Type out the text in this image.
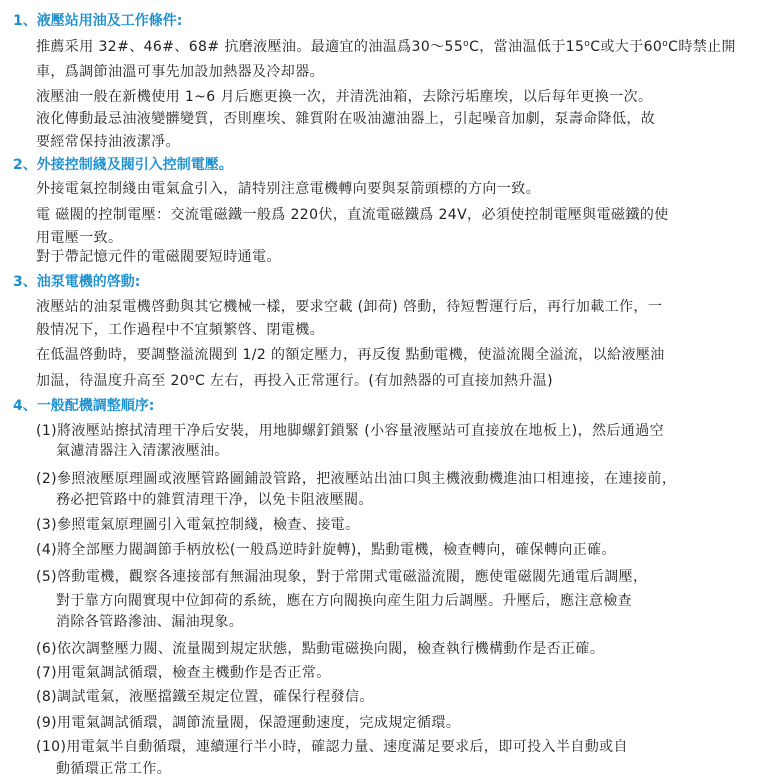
1、液壓站用油及工作條件:
推薦采用 32#、46#、68# 抗磨液壓油。最適宜的油温爲30～55$^o$C，當油温低于15$^o$C或大于60$^o$C時禁止開
車，爲調節油溫可事先加設加熱器及冷却器。
液壓油一般在新機使用 1~6 月后應更換一次，并清洗油箱，去除污垢塵埃，以后每年更換一次。
液化傳動最忌油液變髒變質，否則塵埃、雜質附在吸油濾油器上，引起噪音加劇，泵壽命降低，故
要經常保持油液潔凈。
2、外接控制綫及閥引入控制電壓。
外接電氣控制綫由電氣盒引入，請特别注意電機轉向要與泵箭頭標的方向一致。
電 磁閥的控制電壓：交流電磁鐵一般爲 220伏，直流電磁鐵爲 24V，必須使控制電壓與電磁鐵的使
用電壓一致。
對于帶記憶元件的電磁閥要短時通電。
3、油泵電機的啓動:
液壓站的油泵電機啓動與其它機械一樣，要求空載 (卸荷) 啓動，待短暫運行后，再行加載工作，一
般情况下，工作過程中不宜頻繁啓、閉電機。
在低温啓動時，要調整溢流閥到 1/2 的額定壓力，再反復 點動電機，使溢流閥全溢流，以給液壓油
加温，待温度升高至 20$^o$C 左右，再投入正常運行。(有加熱器的可直接加熱升温)
4、一般配機調整順序:
(1)將液壓站擦拭清理干净后安裝，用地脚螺釘鎖緊 (小容量液壓站可直接放在地板上)，然后通過空
氣濾清器注入清潔液壓油。
(2)參照液壓原理圖或液壓管路圖鋪設管路，把液壓站出油口與主機液動機進油口相連接，在連接前，
務必把管路中的雜質清理干净，以免卡阻液壓閥。
(3)參照電氣原理圖引入電氣控制綫，檢查、接電。
(4)將全部壓力閥調節手柄放松(一般爲逆時針旋轉)，點動電機，檢查轉向，確保轉向正確。
(5)啓動電機，觀察各連接部有無漏油現象，對于常開式電磁溢流閥，應使電磁閥先通電后調壓，
對于靠方向閥實現中位卸荷的系統，應在方向閥换向産生阻力后調壓。升壓后，應注意檢查
消除各管路滲油、漏油現象。
(6)依次調整壓力閥、流量閥到規定狀態，點動電磁换向閥，檢查執行機構動作是否正確。
(7)用電氣調試循環，檢查主機動作是否正常。
(8)調試電氣，液壓擋鐵至規定位置，確保行程發信。
(9)用電氣調試循環，調節流量閥，保證運動速度，完成規定循環。
(10)用電氣半自動循環，連續運行半小時，確認力量、速度滿足要求后，即可投入半自動或自
動循環正常工作。
